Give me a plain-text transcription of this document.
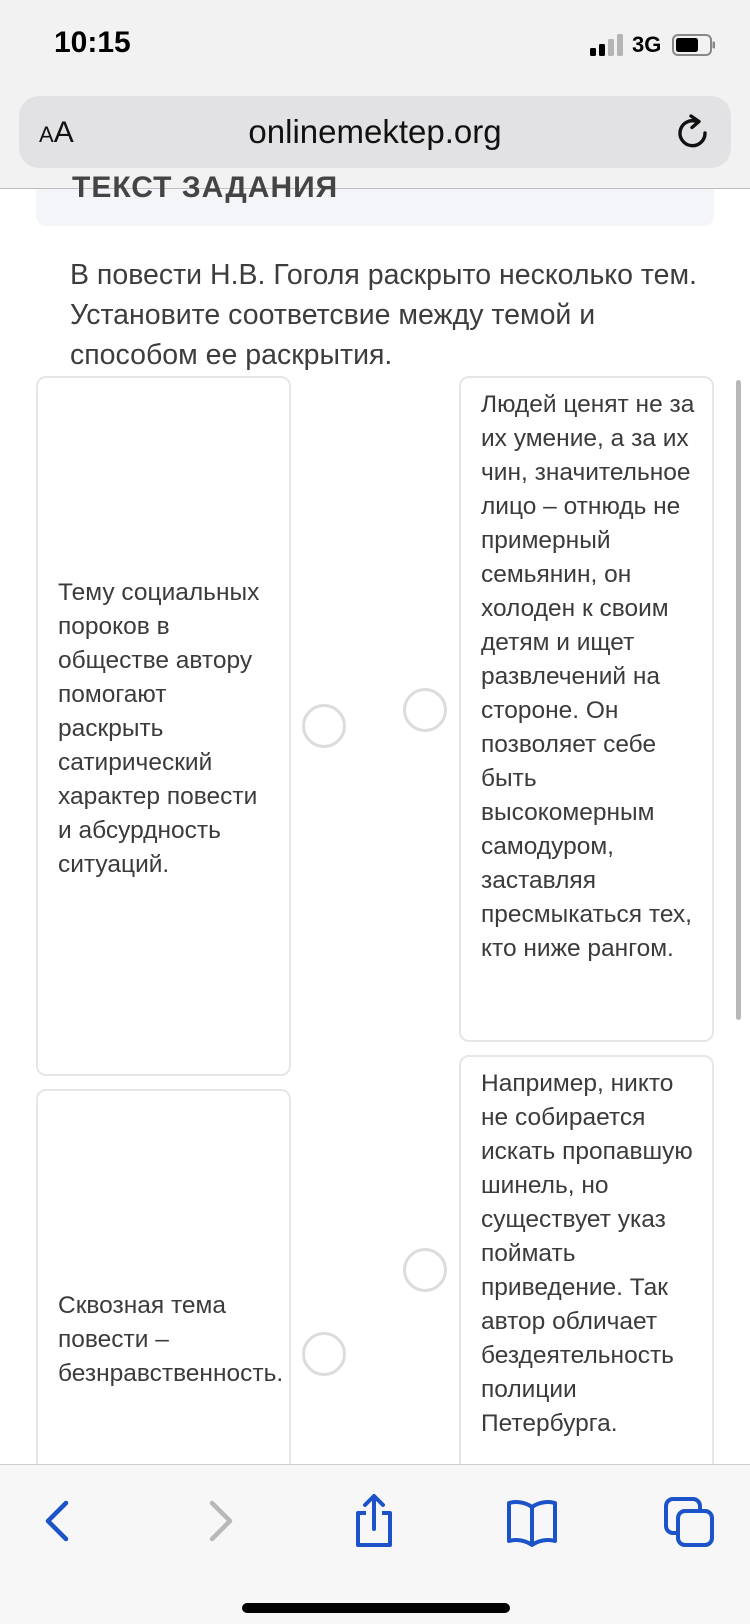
10:15	3G
AA	onlinemektep.org
ТЕКСТ ЗАДАНИЯ
В повести Н.В. Гоголя раскрыто несколько тем. Установите соответсвие между темой и способом ее раскрытия.
Тему социальных пороков в обществе автору помогают раскрыть сатирический характер повести и абсурдность ситуаций.
Людей ценят не за их умение, а за их чин, значительное лицо – отнюдь не примерный семьянин, он холоден к своим детям и ищет развлечений на стороне. Он позволяет себе быть высокомерным самодуром, заставляя пресмыкаться тех, кто ниже рангом.
Сквозная тема повести – безнравственность.
Например, никто не собирается искать пропавшую шинель, но существует указ поймать приведение. Так автор обличает бездеятельность полиции Петербурга.
